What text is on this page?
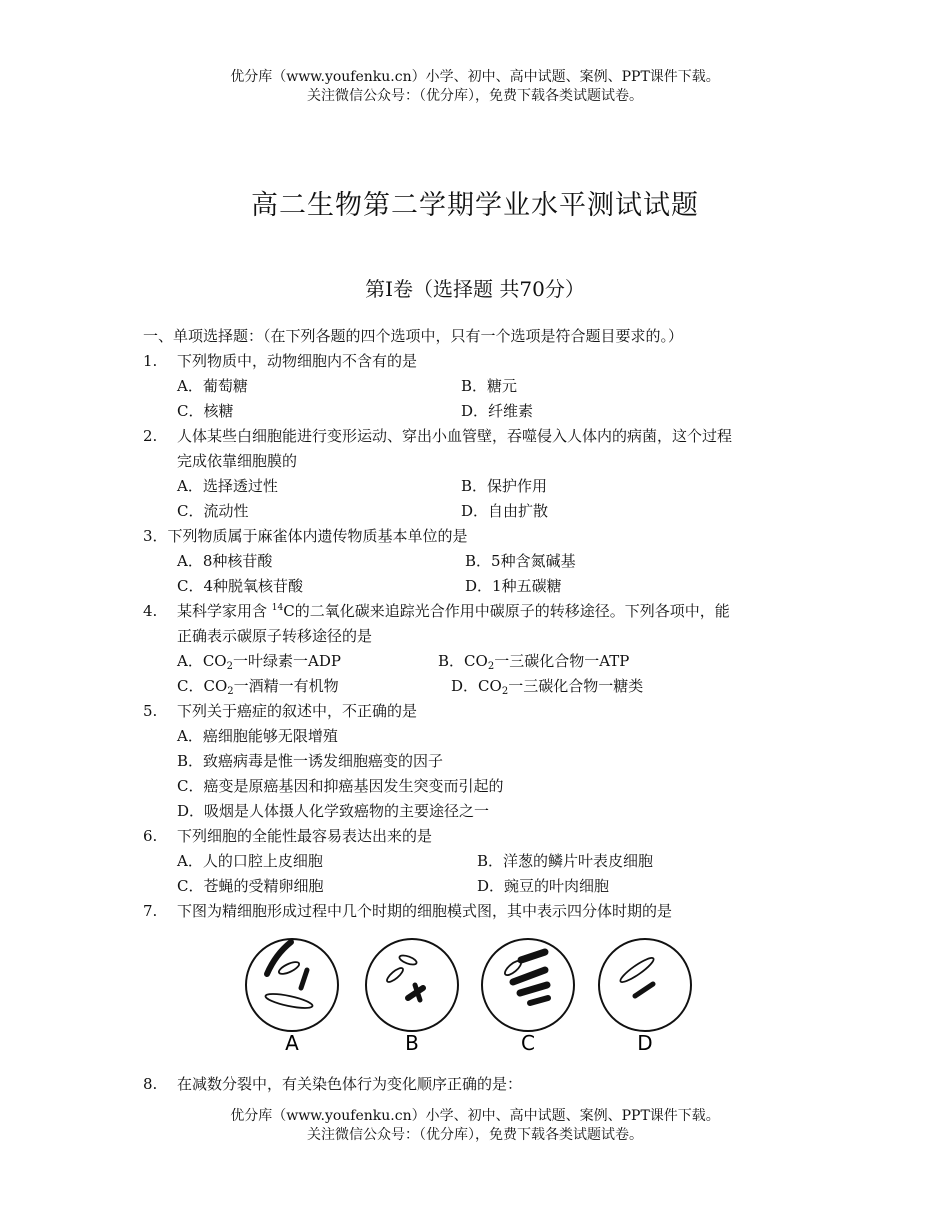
优分库（www.youfenku.cn）小学、初中、高中试题、案例、PPT课件下载。
关注微信公众号：（优分库），免费下载各类试题试卷。
高二生物第二学期学业水平测试试题
第I卷（选择题 共70分）
一、单项选择题：（在下列各题的四个选项中，只有一个选项是符合题目要求的。）
1. 下列物质中，动物细胞内不含有的是
A．葡萄糖	B．糖元
C．核糖	D．纤维素
2. 人体某些白细胞能进行变形运动、穿出小血管壁，吞噬侵入人体内的病菌，这个过程
完成依靠细胞膜的
A．选择透过性	B．保护作用
C．流动性	D．自由扩散
3．下列物质属于麻雀体内遗传物质基本单位的是
A．8种核苷酸	B．5种含氮碱基
C．4种脱氧核苷酸	D．1种五碳糖
4. 某科学家用含 $^{14}$C的二氧化碳来追踪光合作用中碳原子的转移途径。下列各项中，能
正确表示碳原子转移途径的是
A．$CO_2$一叶绿素一ADP	B．$CO_2$一三碳化合物一ATP
C．$CO_2$一酒精一有机物	D．$CO_2$一三碳化合物一糖类
5. 下列关于癌症的叙述中，不正确的是
A．癌细胞能够无限增殖
B．致癌病毒是惟一诱发细胞癌变的因子
C．癌变是原癌基因和抑癌基因发生突变而引起的
D．吸烟是人体摄人化学致癌物的主要途径之一
6. 下列细胞的全能性最容易表达出来的是
A．人的口腔上皮细胞	B．洋葱的鳞片叶表皮细胞
C．苍蝇的受精卵细胞	D．豌豆的叶肉细胞
7. 下图为精细胞形成过程中几个时期的细胞模式图，其中表示四分体时期的是
A	B	C	D
8. 在减数分裂中，有关染色体行为变化顺序正确的是：
优分库（www.youfenku.cn）小学、初中、高中试题、案例、PPT课件下载。
关注微信公众号：（优分库），免费下载各类试题试卷。
